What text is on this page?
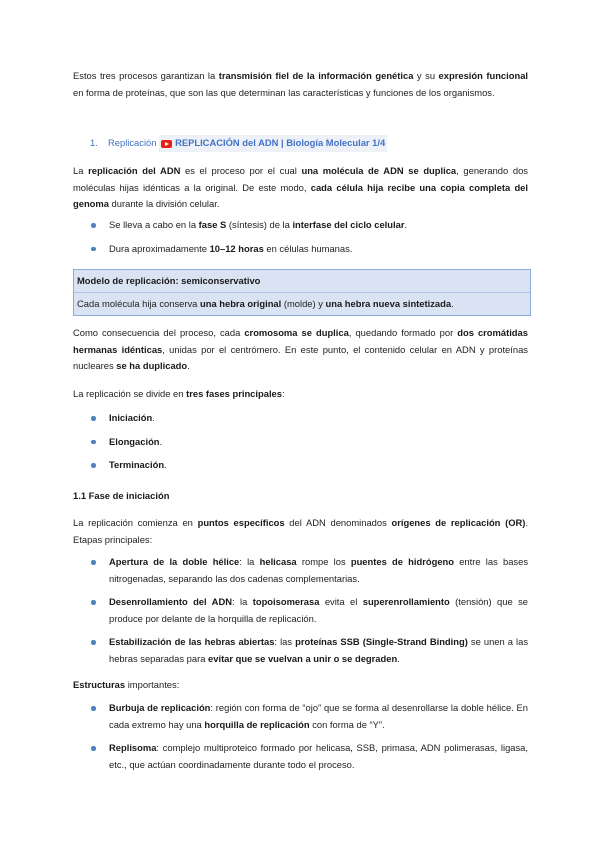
Estos tres procesos garantizan la transmisión fiel de la información genética y su expresión funcional en forma de proteínas, que son las que determinan las características y funciones de los organismos.

1.	Replicación
	REPLICACIÓN del ADN | Biología Molecular 1/4

La replicación del ADN es el proceso por el cual una molécula de ADN se duplica, generando dos moléculas hijas idénticas a la original. De este modo, cada célula hija recibe una copia completa del genoma durante la división celular.

Se lleva a cabo en la fase S (síntesis) de la interfase del ciclo celular.
Dura aproximadamente 10–12 horas en células humanas.
Modelo de replicación: semiconservativo
Cada molécula hija conserva una hebra original (molde) y una hebra nueva sintetizada.

Como consecuencia del proceso, cada cromosoma se duplica, quedando formado por dos cromátidas hermanas idénticas, unidas por el centrómero. En este punto, el contenido celular en ADN y proteínas nucleares se ha duplicado.

La replicación se divide en tres fases principales:

Iniciación.
Elongación.
Terminación.

1.1 Fase de iniciación

La replicación comienza en puntos específicos del ADN denominados orígenes de replicación (OR). Etapas principales:

Apertura de la doble hélice: la helicasa rompe los puentes de hidrógeno entre las bases nitrogenadas, separando las dos cadenas complementarias.
Desenrollamiento del ADN: la topoisomerasa evita el superenrollamiento (tensión) que se produce por delante de la horquilla de replicación.
Estabilización de las hebras abiertas: las proteínas SSB (Single-Strand Binding) se unen a las hebras separadas para evitar que se vuelvan a unir o se degraden.

Estructuras importantes:

Burbuja de replicación: región con forma de “ojo” que se forma al desenrollarse la doble hélice. En cada extremo hay una horquilla de replicación con forma de “Y”.
Replisoma: complejo multiproteico formado por helicasa, SSB, primasa, ADN polimerasas, ligasa, etc., que actúan coordinadamente durante todo el proceso.
